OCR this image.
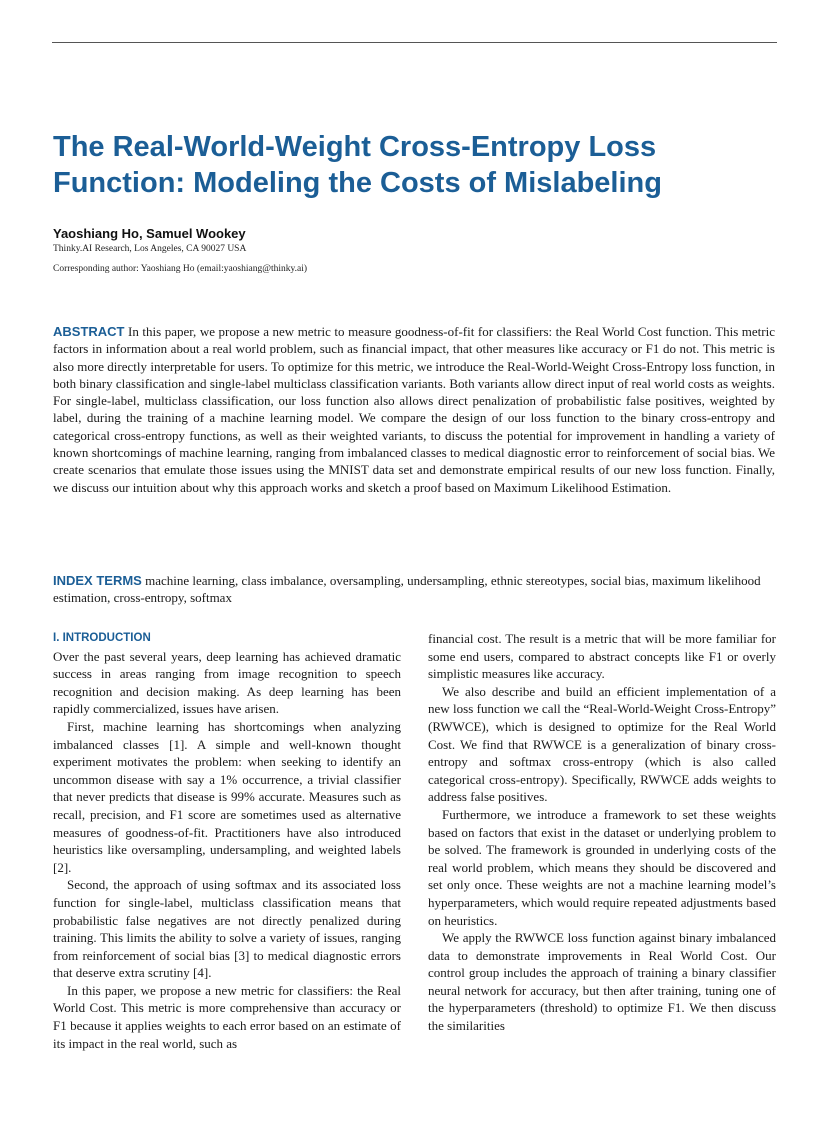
The Real-World-Weight Cross-Entropy Loss Function: Modeling the Costs of Mislabeling

Yaoshiang Ho, Samuel Wookey

Thinky.AI Research, Los Angeles, CA 90027 USA

Corresponding author: Yaoshiang Ho (email:yaoshiang@thinky.ai)

ABSTRACT In this paper, we propose a new metric to measure goodness-of-fit for classifiers: the Real World Cost function. This metric factors in information about a real world problem, such as financial impact, that other measures like accuracy or F1 do not. This metric is also more directly interpretable for users. To optimize for this metric, we introduce the Real-World-Weight Cross-Entropy loss function, in both binary classification and single-label multiclass classification variants. Both variants allow direct input of real world costs as weights. For single-label, multiclass classification, our loss function also allows direct penalization of probabilistic false positives, weighted by label, during the training of a machine learning model. We compare the design of our loss function to the binary cross-entropy and categorical cross-entropy functions, as well as their weighted variants, to discuss the potential for improvement in handling a variety of known shortcomings of machine learning, ranging from imbalanced classes to medical diagnostic error to reinforcement of social bias. We create scenarios that emulate those issues using the MNIST data set and demonstrate empirical results of our new loss function. Finally, we discuss our intuition about why this approach works and sketch a proof based on Maximum Likelihood Estimation.

INDEX TERMS machine learning, class imbalance, oversampling, undersampling, ethnic stereotypes, social bias, maximum likelihood estimation, cross-entropy, softmax

I. INTRODUCTION

Over the past several years, deep learning has achieved dramatic success in areas ranging from image recognition to speech recognition and decision making. As deep learning has been rapidly commercialized, issues have arisen.

First, machine learning has shortcomings when analyzing imbalanced classes [1]. A simple and well-known thought experiment motivates the problem: when seeking to identify an uncommon disease with say a 1% occurrence, a trivial classifier that never predicts that disease is 99% accurate. Measures such as recall, precision, and F1 score are sometimes used as alternative measures of goodness-of-fit. Practitioners have also introduced heuristics like oversampling, undersampling, and weighted labels [2].

Second, the approach of using softmax and its associated loss function for single-label, multiclass classification means that probabilistic false negatives are not directly penalized during training. This limits the ability to solve a variety of issues, ranging from reinforcement of social bias [3] to medical diagnostic errors that deserve extra scrutiny [4].

In this paper, we propose a new metric for classifiers: the Real World Cost. This metric is more comprehensive than accuracy or F1 because it applies weights to each error based on an estimate of its impact in the real world, such as

financial cost. The result is a metric that will be more familiar for some end users, compared to abstract concepts like F1 or overly simplistic measures like accuracy.

We also describe and build an efficient implementation of a new loss function we call the “Real-World-Weight Cross-Entropy” (RWWCE), which is designed to optimize for the Real World Cost. We find that RWWCE is a generalization of binary cross-entropy and softmax cross-entropy (which is also called categorical cross-entropy). Specifically, RWWCE adds weights to address false positives.

Furthermore, we introduce a framework to set these weights based on factors that exist in the dataset or underlying problem to be solved. The framework is grounded in underlying costs of the real world problem, which means they should be discovered and set only once. These weights are not a machine learning model’s hyperparameters, which would require repeated adjustments based on heuristics.

We apply the RWWCE loss function against binary imbalanced data to demonstrate improvements in Real World Cost. Our control group includes the approach of training a binary classifier neural network for accuracy, but then after training, tuning one of the hyperparameters (threshold) to optimize F1. We then discuss the similarities
